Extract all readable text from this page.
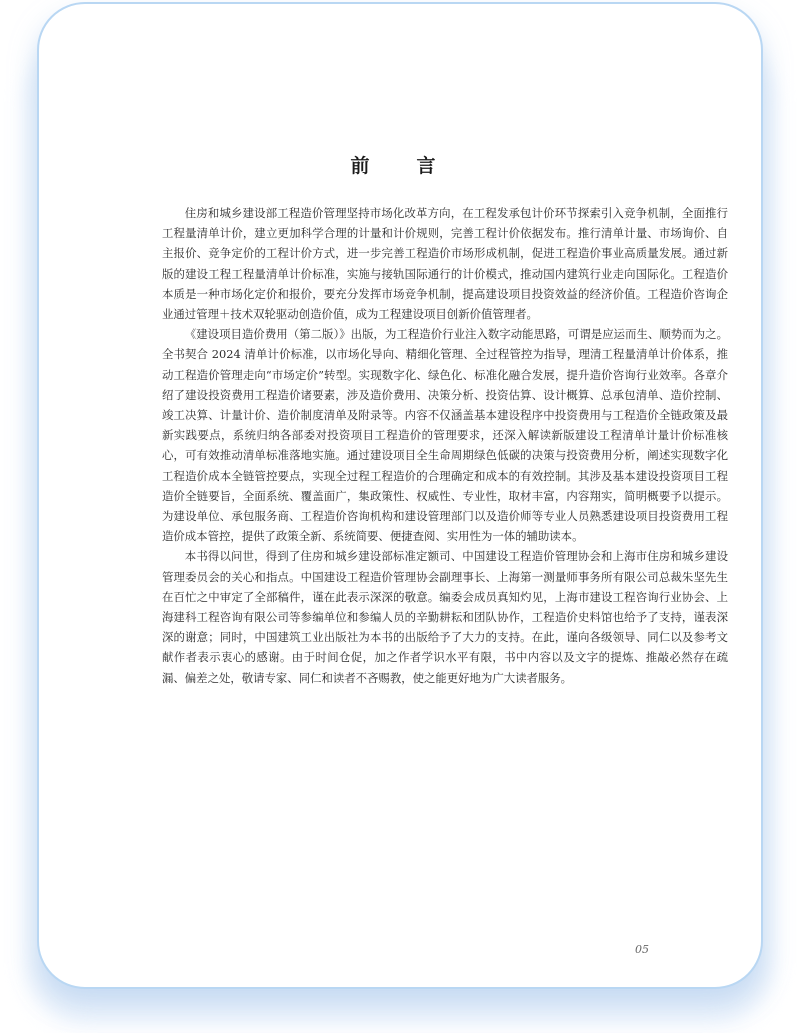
前　言

住房和城乡建设部工程造价管理坚持市场化改革方向，在工程发承包计价环节探索引入竞争机制，全面推行工程量清单计价，建立更加科学合理的计量和计价规则，完善工程计价依据发布。推行清单计量、市场询价、自主报价、竞争定价的工程计价方式，进一步完善工程造价市场形成机制，促进工程造价事业高质量发展。通过新版的建设工程工程量清单计价标准，实施与接轨国际通行的计价模式，推动国内建筑行业走向国际化。工程造价本质是一种市场化定价和报价，要充分发挥市场竞争机制，提高建设项目投资效益的经济价值。工程造价咨询企业通过管理＋技术双轮驱动创造价值，成为工程建设项目创新价值管理者。

《建设项目造价费用（第二版）》出版，为工程造价行业注入数字动能思路，可谓是应运而生、顺势而为之。全书契合 2024 清单计价标准，以市场化导向、精细化管理、全过程管控为指导，理清工程量清单计价体系，推动工程造价管理走向“市场定价”转型。实现数字化、绿色化、标准化融合发展，提升造价咨询行业效率。各章介绍了建设投资费用工程造价诸要素，涉及造价费用、决策分析、投资估算、设计概算、总承包清单、造价控制、竣工决算、计量计价、造价制度清单及附录等。内容不仅涵盖基本建设程序中投资费用与工程造价全链政策及最新实践要点，系统归纳各部委对投资项目工程造价的管理要求，还深入解读新版建设工程清单计量计价标准核心，可有效推动清单标准落地实施。通过建设项目全生命周期绿色低碳的决策与投资费用分析，阐述实现数字化工程造价成本全链管控要点，实现全过程工程造价的合理确定和成本的有效控制。其涉及基本建设投资项目工程造价全链要旨，全面系统、覆盖面广，集政策性、权威性、专业性，取材丰富，内容翔实，简明概要予以提示。为建设单位、承包服务商、工程造价咨询机构和建设管理部门以及造价师等专业人员熟悉建设项目投资费用工程造价成本管控，提供了政策全新、系统简要、便捷查阅、实用性为一体的辅助读本。

本书得以问世，得到了住房和城乡建设部标准定额司、中国建设工程造价管理协会和上海市住房和城乡建设管理委员会的关心和指点。中国建设工程造价管理协会副理事长、上海第一测量师事务所有限公司总裁朱坚先生在百忙之中审定了全部稿件，谨在此表示深深的敬意。编委会成员真知灼见，上海市建设工程咨询行业协会、上海建科工程咨询有限公司等参编单位和参编人员的辛勤耕耘和团队协作，工程造价史料馆也给予了支持，谨表深深的谢意；同时，中国建筑工业出版社为本书的出版给予了大力的支持。在此，谨向各级领导、同仁以及参考文献作者表示衷心的感谢。由于时间仓促，加之作者学识水平有限，书中内容以及文字的提炼、推敲必然存在疏漏、偏差之处，敬请专家、同仁和读者不吝赐教，使之能更好地为广大读者服务。

05
